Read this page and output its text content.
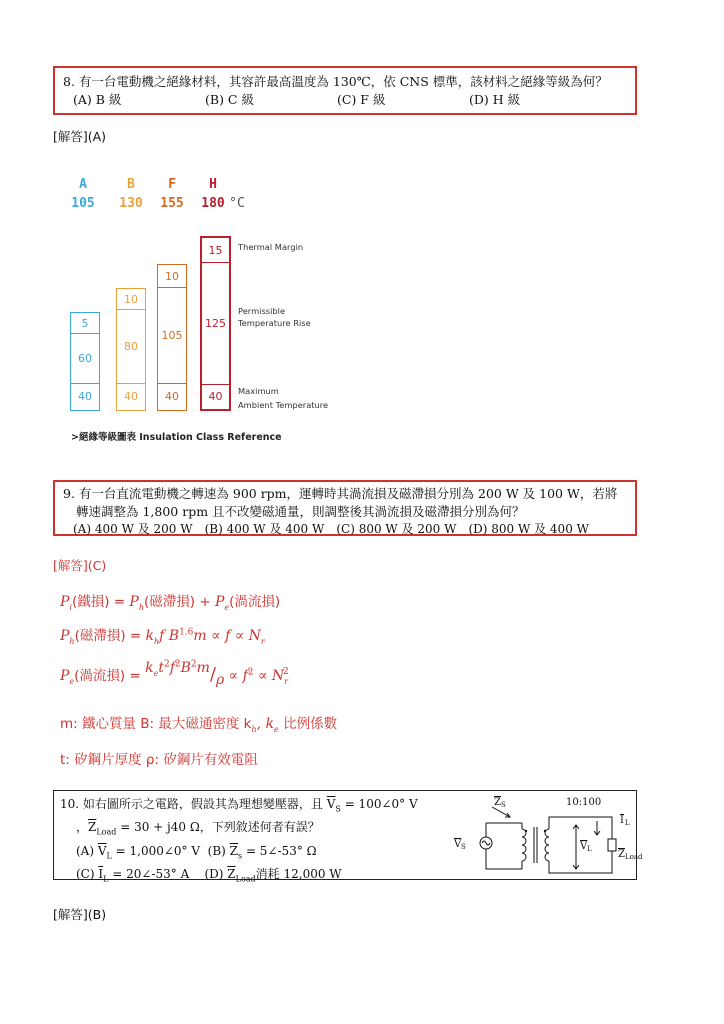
8. 有一台電動機之絕緣材料，其容許最高溫度為 130℃，依 CNS 標準，該材料之絕緣等級為何？
(A) B 級	(B) C 級	(C) F 級	(D) H 級
[解答](A)
A	B	F	H
105	130	155	180 °C
5
60
40
10
80
40
10
105
40
15
125
40
Thermal Margin
Permissible
Temperature Rise
Maximum
Ambient Temperature
>絕緣等級圖表 Insulation Class Reference
9. 有一台直流電動機之轉速為 900 rpm，運轉時其渦流損及磁滯損分別為 200 W 及 100 W，若將
轉速調整為 1,800 rpm 且不改變磁通量，則調整後其渦流損及磁滯損分別為何？
(A) 400 W 及 200 W (B) 400 W 及 400 W (C) 800 W 及 200 W (D) 800 W 及 400 W
[解答](C)
$P_i$(鐵損) = $P_h$(磁滯損) + $P_e$(渦流損)
$P_h$(磁滯損) = $k_hf$ $B^{1.6}m \propto f \propto N_r$
$P_e$(渦流損) = $k_et^2f^2B^2m/\rho \propto f^2 \propto N_r^2$
m: 鐵心質量 B: 最大磁通密度 $k_h$, $k_e$ 比例係數
t: 矽鋼片厚度 ρ: 矽鋼片有效電阻
10. 如右圖所示之電路，假設其為理想變壓器，且 $\overline{V}_S$ = 100∠0° V
，$\overline{Z}_{Load} = 30 + j40$ Ω，下列敘述何者有誤？
(A) $\overline{V}_L$ = 1,000∠0° V  (B) $\overline{Z}_s$ = 5∠-53° Ω
(C) $\overline{I}_L$ = 20∠-53° A    (D) $\overline{Z}_{Load}$消耗 12,000 W
Z S
V S	V L
I L
Z Load
10:100
[解答](B)
